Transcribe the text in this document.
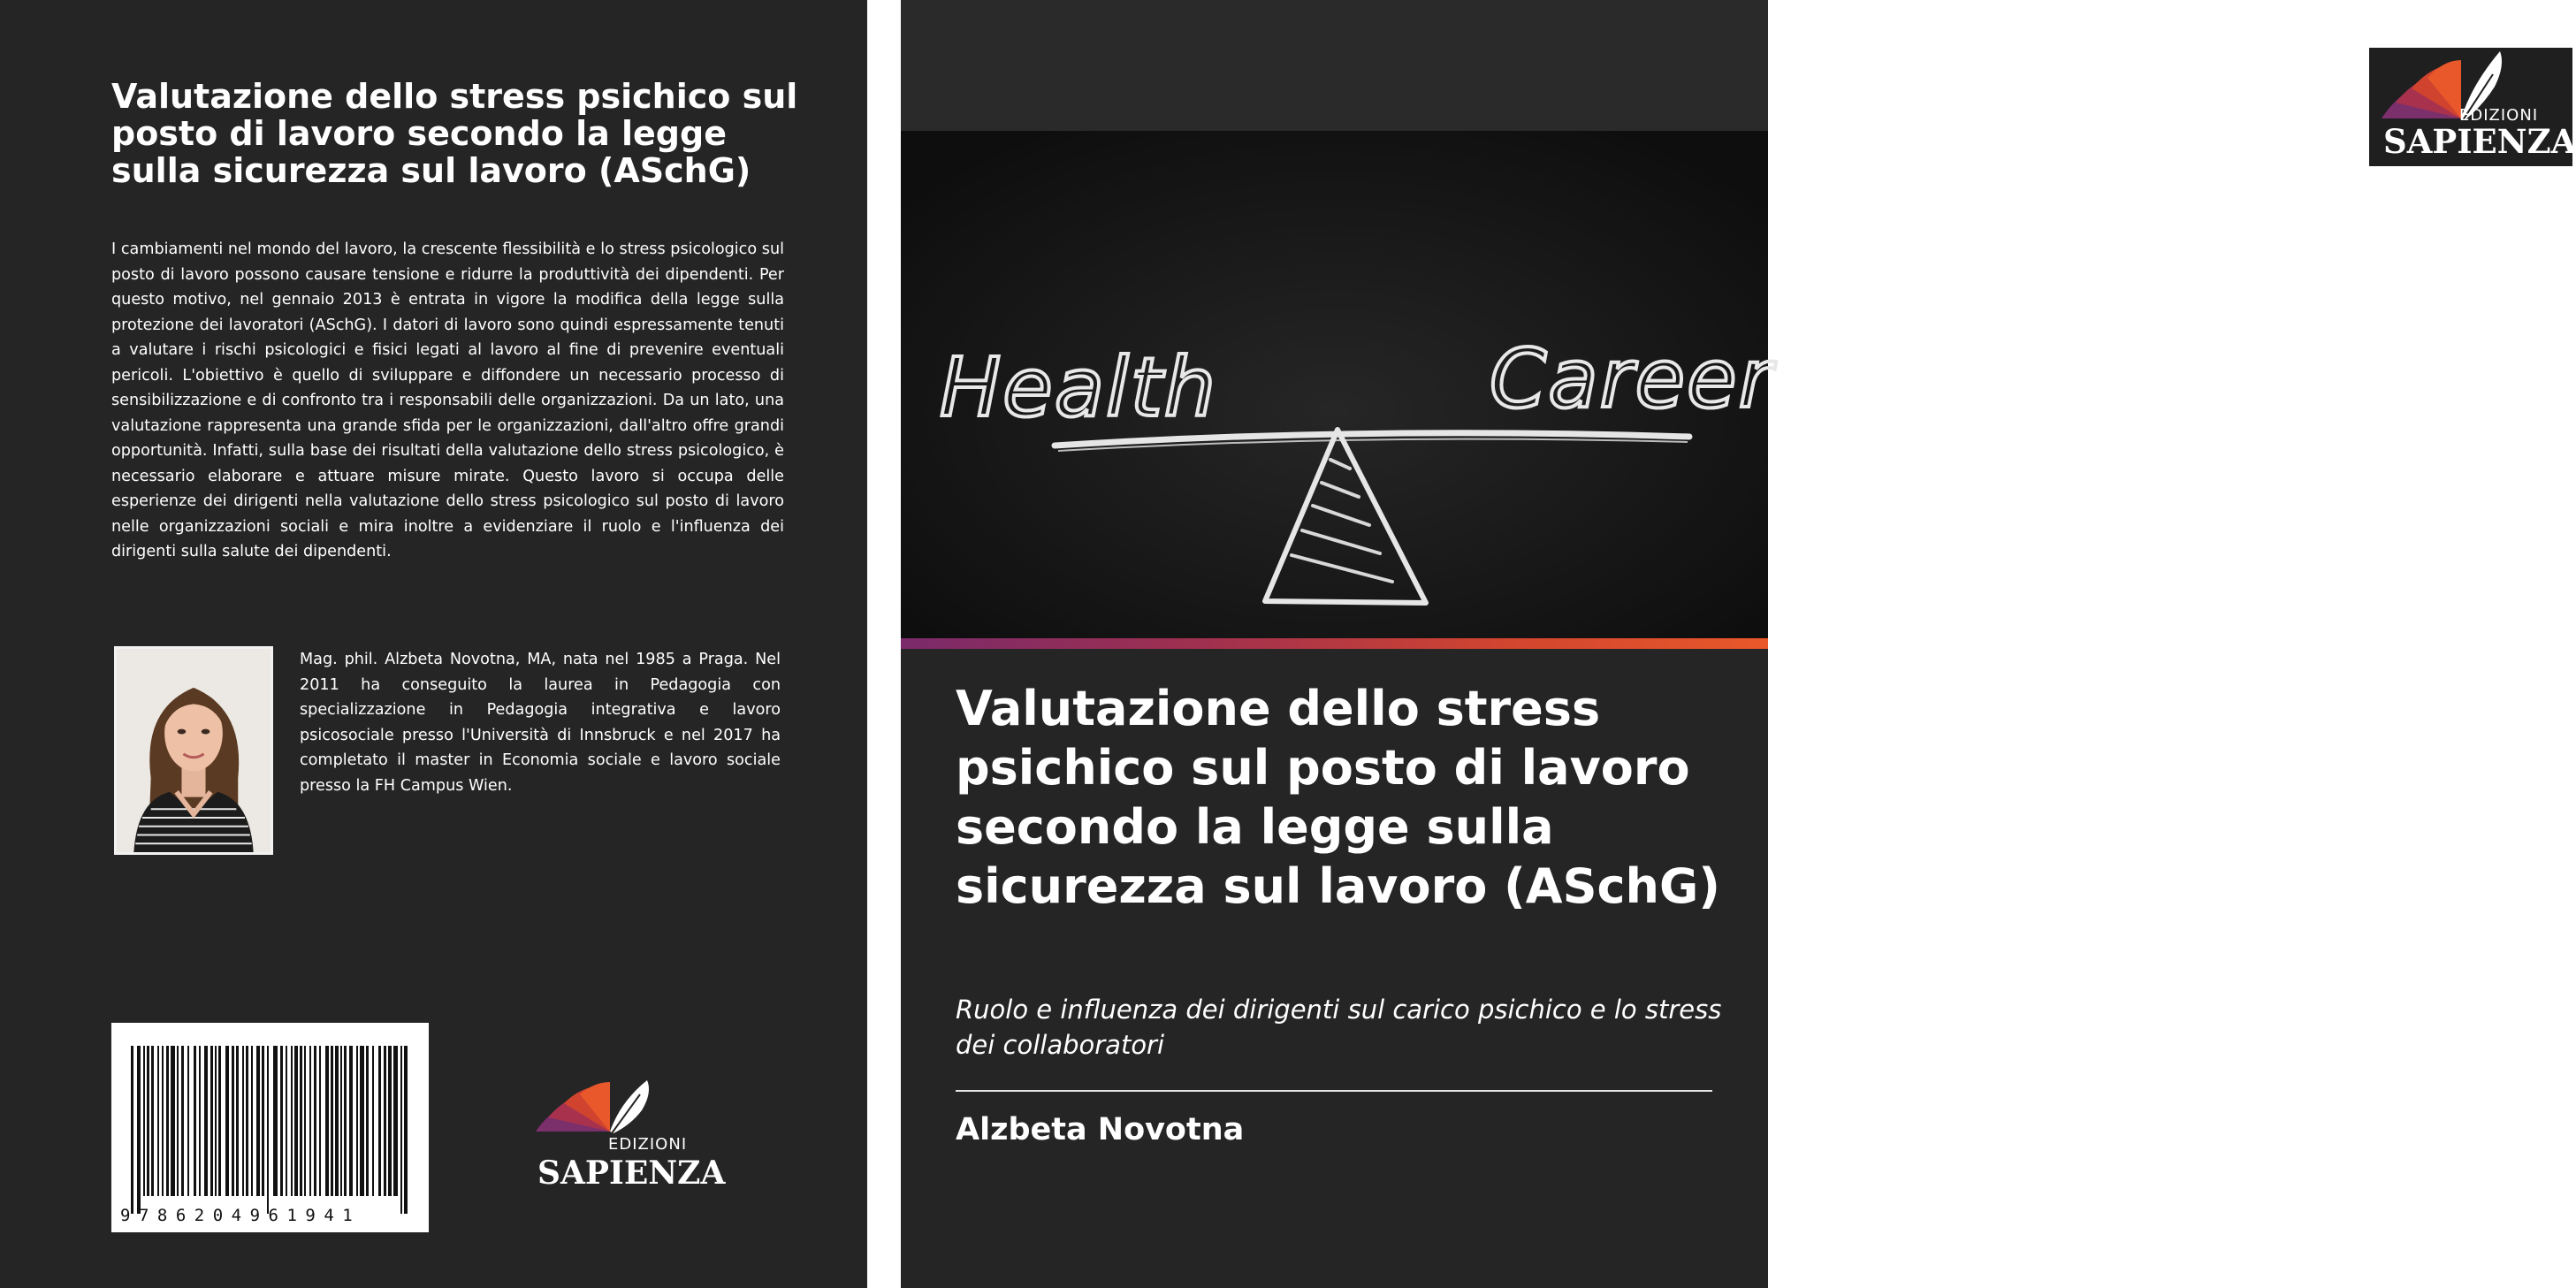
Valutazione dello stress psichico sul posto di lavoro secondo la legge sulla sicurezza sul lavoro (ASchG)

I cambiamenti nel mondo del lavoro, la crescente flessibilità e lo stress psicologico sul posto di lavoro possono causare tensione e ridurre la produttività dei dipendenti. Per questo motivo, nel gennaio 2013 è entrata in vigore la modifica della legge sulla protezione dei lavoratori (ASchG). I datori di lavoro sono quindi espressamente tenuti a valutare i rischi psicologici e fisici legati al lavoro al fine di prevenire eventuali pericoli. L'obiettivo è quello di sviluppare e diffondere un necessario processo di sensibilizzazione e di confronto tra i responsabili delle organizzazioni. Da un lato, una valutazione rappresenta una grande sfida per le organizzazioni, dall'altro offre grandi opportunità. Infatti, sulla base dei risultati della valutazione dello stress psicologico, è necessario elaborare e attuare misure mirate. Questo lavoro si occupa delle esperienze dei dirigenti nella valutazione dello stress psicologico sul posto di lavoro nelle organizzazioni sociali e mira inoltre a evidenziare il ruolo e l'influenza dei dirigenti sulla salute dei dipendenti.

Mag. phil. Alzbeta Novotna, MA, nata nel 1985 a Praga. Nel 2011 ha conseguito la laurea in Pedagogia con specializzazione in Pedagogia integrativa e lavoro psicosociale presso l'Università di Innsbruck e nel 2017 ha completato il master in Economia sociale e lavoro sociale presso la FH Campus Wien.

9786204961941
EDIZIONI
SAPIENZA
EDIZIONI
SAPIENZA
Health	Career
Valutazione dello stress psichico sul posto di lavoro secondo la legge sulla sicurezza sul lavoro (ASchG)

Ruolo e influenza dei dirigenti sul carico psichico e lo stress dei collaboratori

Alzbeta Novotna
